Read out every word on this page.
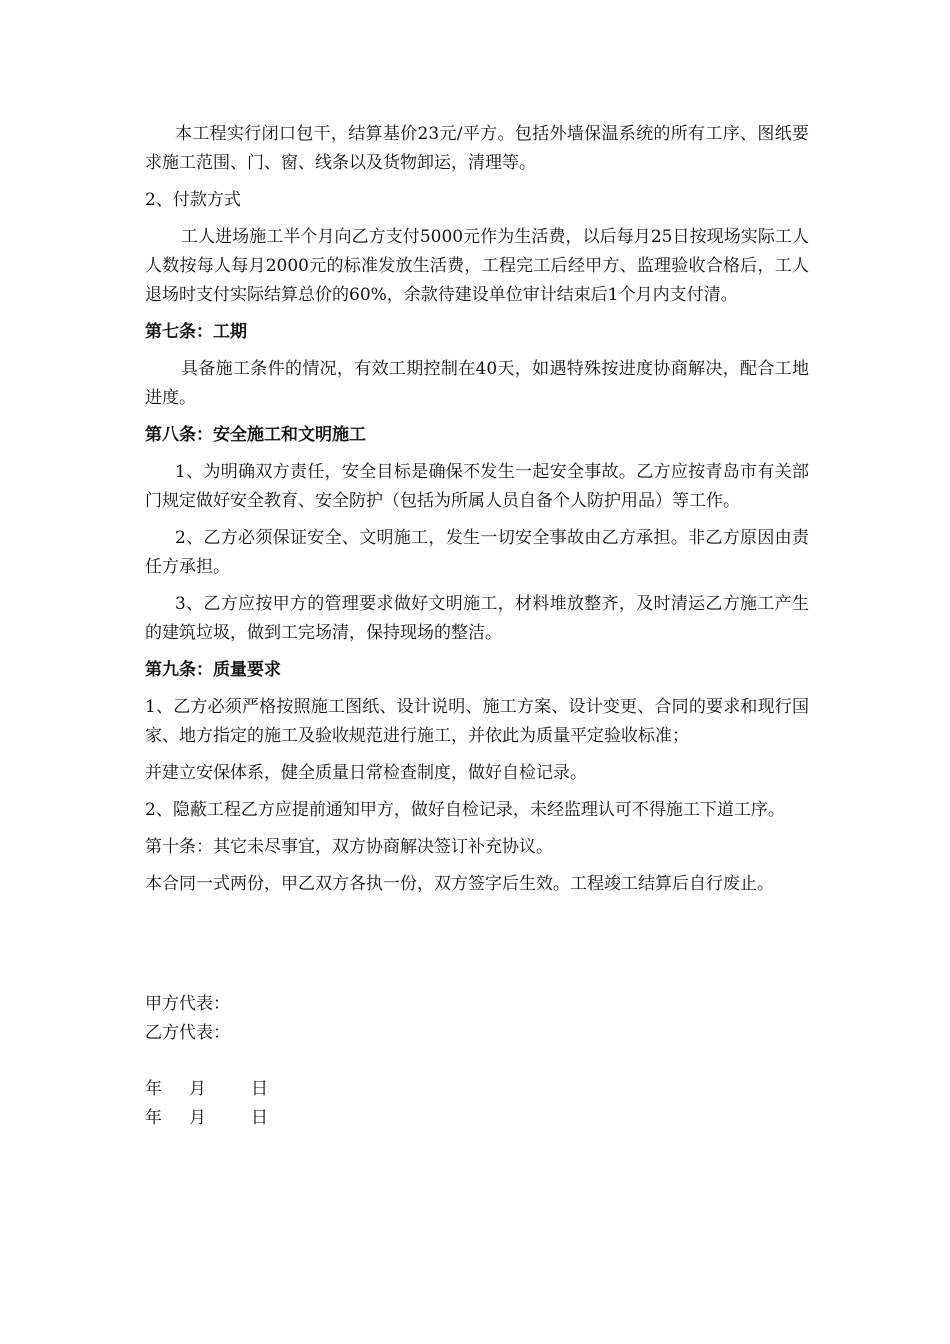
本工程实行闭口包干，结算基价23元/平方。包括外墙保温系统的所有工序、图纸要求施工范围、门、窗、线条以及货物卸运，清理等。

2、付款方式

工人进场施工半个月向乙方支付5000元作为生活费，以后每月25日按现场实际工人人数按每人每月2000元的标准发放生活费，工程完工后经甲方、监理验收合格后，工人退场时支付实际结算总价的60%，余款待建设单位审计结束后1个月内支付清。

第七条：工期

具备施工条件的情况，有效工期控制在40天，如遇特殊按进度协商解决，配合工地进度。

第八条：安全施工和文明施工

1、为明确双方责任，安全目标是确保不发生一起安全事故。乙方应按青岛市有关部门规定做好安全教育、安全防护（包括为所属人员自备个人防护用品）等工作。

2、乙方必须保证安全、文明施工，发生一切安全事故由乙方承担。非乙方原因由责任方承担。

3、乙方应按甲方的管理要求做好文明施工，材料堆放整齐，及时清运乙方施工产生的建筑垃圾，做到工完场清，保持现场的整洁。

第九条：质量要求

1、乙方必须严格按照施工图纸、设计说明、施工方案、设计变更、合同的要求和现行国家、地方指定的施工及验收规范进行施工，并依此为质量平定验收标准；

并建立安保体系，健全质量日常检查制度，做好自检记录。

2、隐蔽工程乙方应提前通知甲方，做好自检记录，未经监理认可不得施工下道工序。

第十条：其它未尽事宜，双方协商解决签订补充协议。

本合同一式两份，甲乙双方各执一份，双方签字后生效。工程竣工结算后自行废止。

甲方代表：
乙方代表：
年 月	日
年 月	日
